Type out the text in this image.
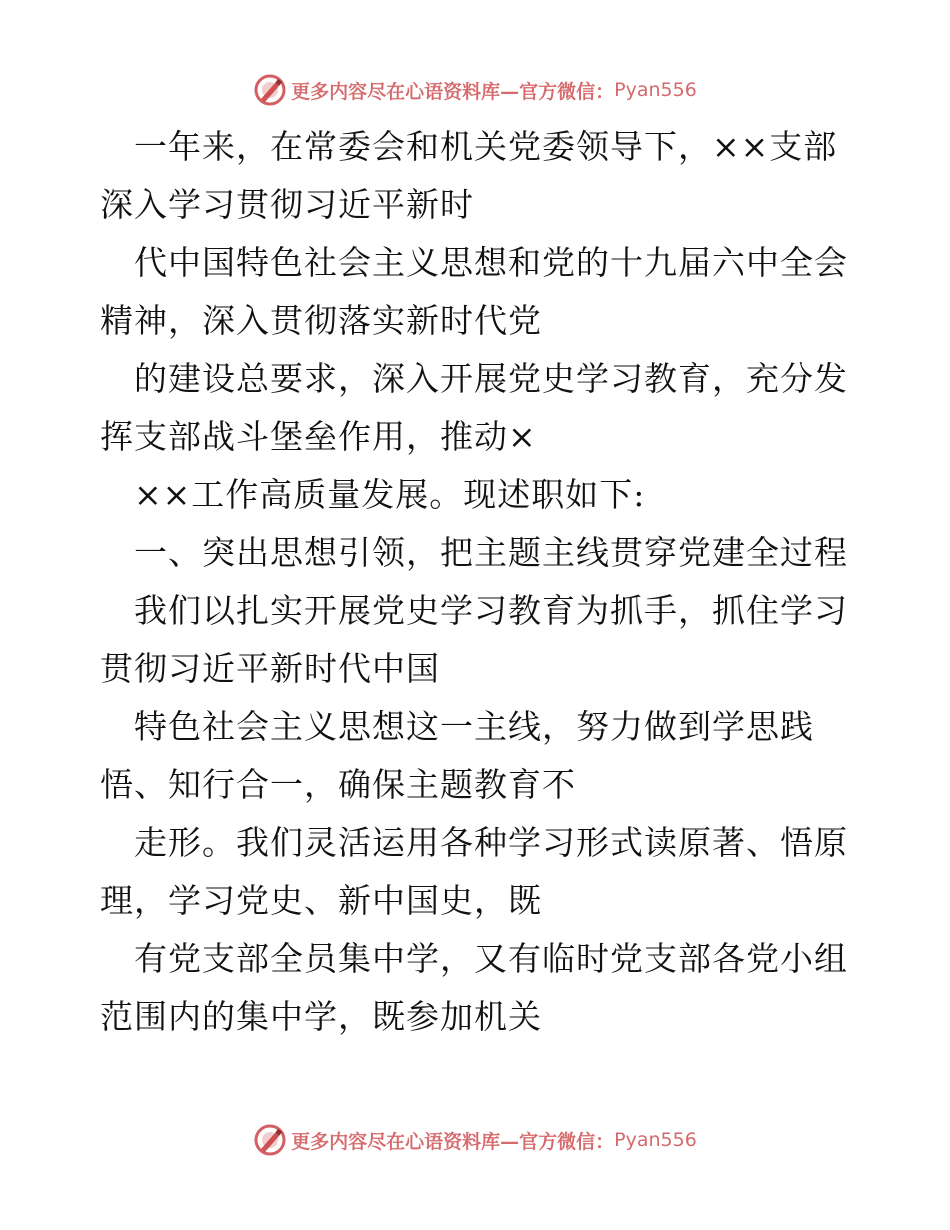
更多内容尽在心语资料库—官方微信： Pyan556
一年来，在常委会和机关党委领导下，××支部
深入学习贯彻习近平新时
代中国特色社会主义思想和党的十九届六中全会
精神，深入贯彻落实新时代党
的建设总要求，深入开展党史学习教育，充分发
挥支部战斗堡垒作用，推动×
××工作高质量发展。现述职如下:
一、突出思想引领，把主题主线贯穿党建全过程
我们以扎实开展党史学习教育为抓手，抓住学习
贯彻习近平新时代中国
特色社会主义思想这一主线，努力做到学思践
悟、知行合一，确保主题教育不
走形。我们灵活运用各种学习形式读原著、悟原
理，学习党史、新中国史，既
有党支部全员集中学，又有临时党支部各党小组
范围内的集中学，既参加机关
更多内容尽在心语资料库—官方微信： Pyan556
